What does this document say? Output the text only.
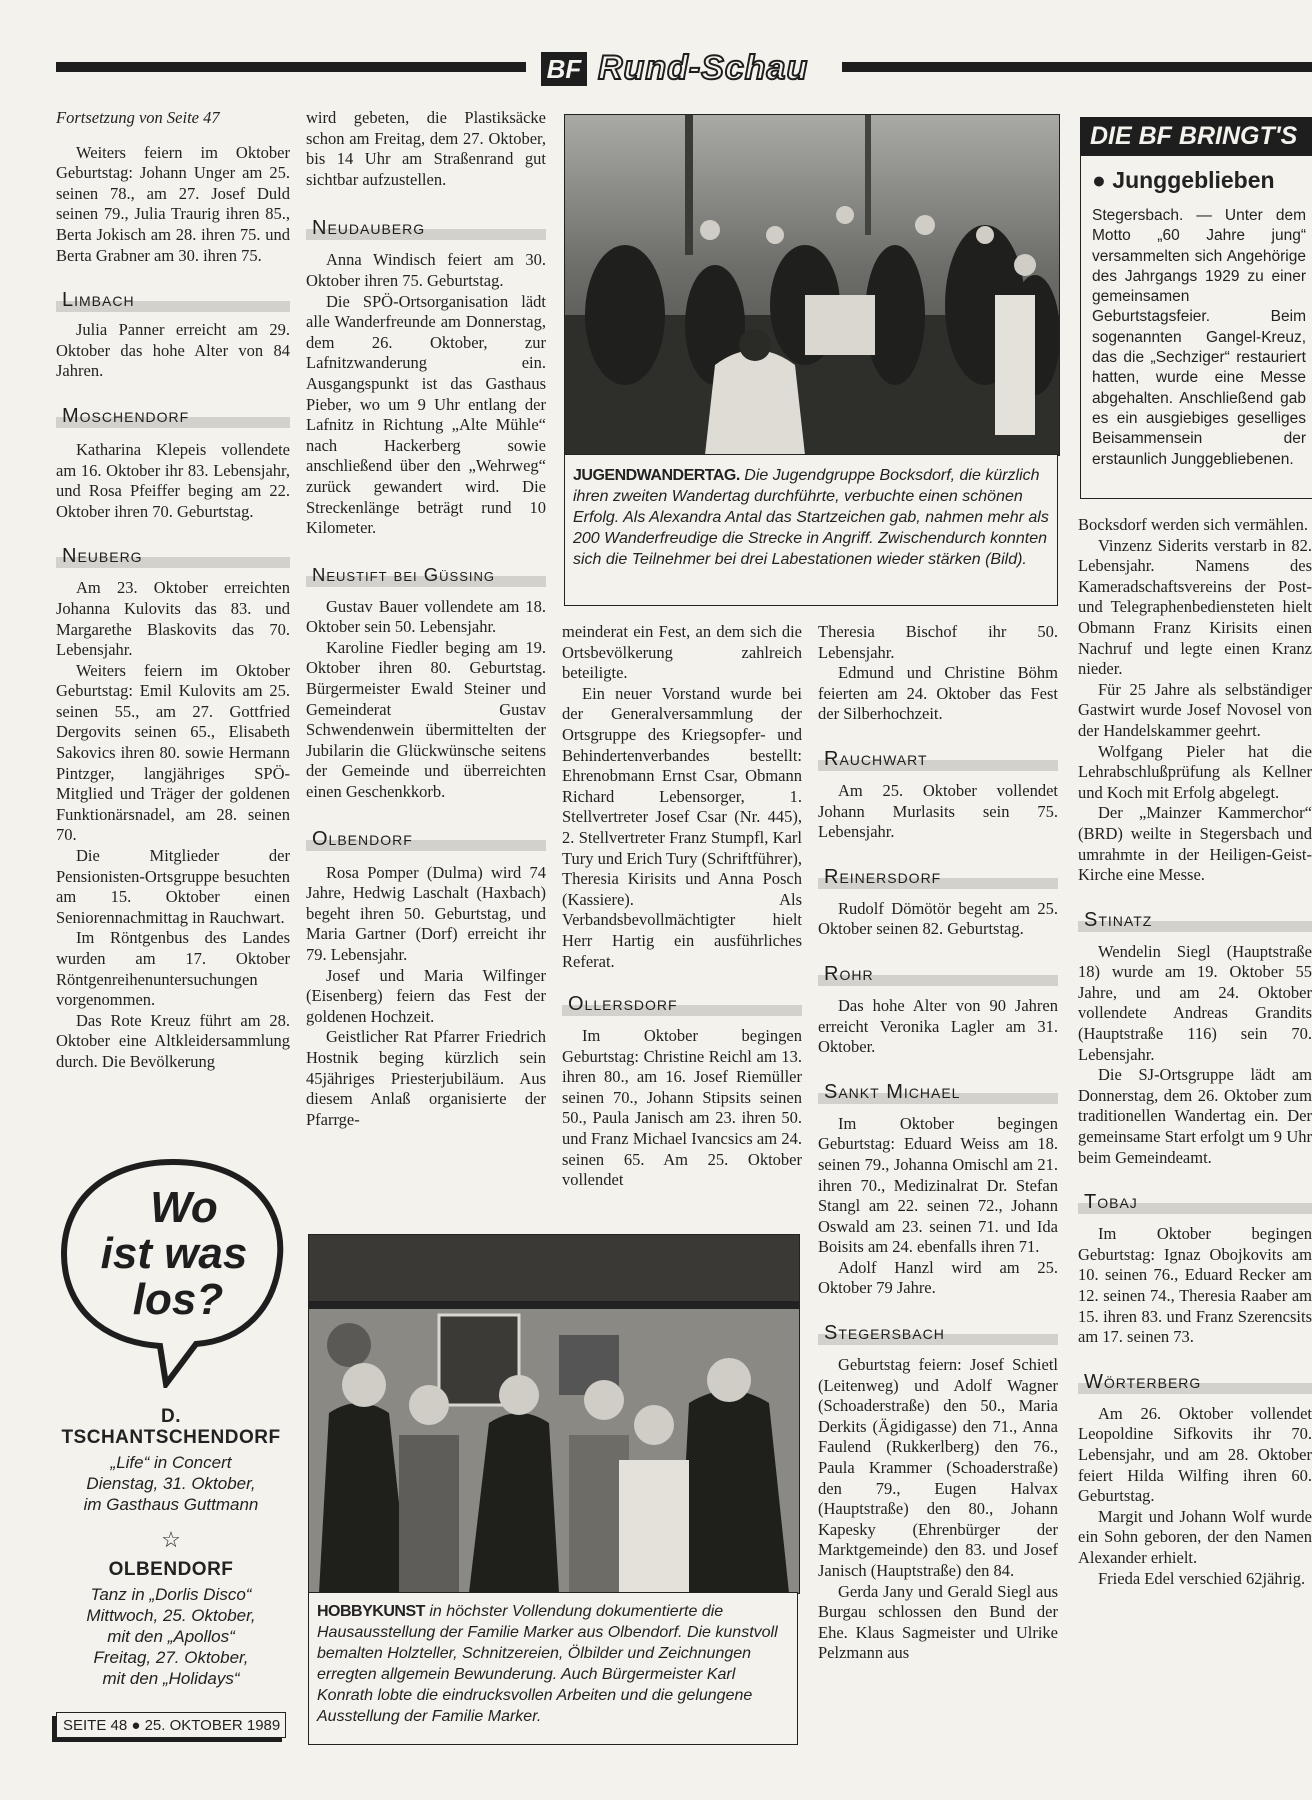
BF Rund-Schau

Fortsetzung von Seite 47

Weiters feiern im Oktober Geburtstag: Johann Unger am 25. seinen 78., am 27. Josef Duld seinen 79., Julia Traurig ihren 85., Berta Jokisch am 28. ihren 75. und Berta Grabner am 30. ihren 75.

Limbach

Julia Panner erreicht am 29. Oktober das hohe Alter von 84 Jahren.

Moschendorf

Katharina Klepeis vollendete am 16. Oktober ihr 83. Lebensjahr, und Rosa Pfeiffer beging am 22. Oktober ihren 70. Geburtstag.

Neuberg

Am 23. Oktober erreichten Johanna Kulovits das 83. und Margarethe Blaskovits das 70. Lebensjahr.

Weiters feiern im Oktober Geburtstag: Emil Kulovits am 25. seinen 55., am 27. Gottfried Dergovits seinen 65., Elisabeth Sakovics ihren 80. sowie Hermann Pintzger, langjähriges SPÖ-Mitglied und Träger der goldenen Funktionärsnadel, am 28. seinen 70.

Die Mitglieder der Pensionisten-Ortsgruppe besuchten am 15. Oktober einen Seniorennachmittag in Rauchwart.

Im Röntgenbus des Landes wurden am 17. Oktober Röntgenreihenuntersuchungen vorgenommen.

Das Rote Kreuz führt am 28. Oktober eine Altkleidersammlung durch. Die Bevölkerung

wird gebeten, die Plastiksäcke schon am Freitag, dem 27. Oktober, bis 14 Uhr am Straßenrand gut sichtbar aufzustellen.

Neudauberg

Anna Windisch feiert am 30. Oktober ihren 75. Geburtstag.

Die SPÖ-Ortsorganisation lädt alle Wanderfreunde am Donnerstag, dem 26. Oktober, zur Lafnitzwanderung ein. Ausgangspunkt ist das Gasthaus Pieber, wo um 9 Uhr entlang der Lafnitz in Richtung „Alte Mühle“ nach Hackerberg sowie anschließend über den „Wehrweg“ zurück gewandert wird. Die Streckenlänge beträgt rund 10 Kilometer.

Neustift bei Güssing

Gustav Bauer vollendete am 18. Oktober sein 50. Lebensjahr.

Karoline Fiedler beging am 19. Oktober ihren 80. Geburtstag. Bürgermeister Ewald Steiner und Gemeinderat Gustav Schwendenwein übermittelten der Jubilarin die Glückwünsche seitens der Gemeinde und überreichten einen Geschenkkorb.

Olbendorf

Rosa Pomper (Dulma) wird 74 Jahre, Hedwig Laschalt (Haxbach) begeht ihren 50. Geburtstag, und Maria Gartner (Dorf) erreicht ihr 79. Lebensjahr.

Josef und Maria Wilfinger (Eisenberg) feiern das Fest der goldenen Hochzeit.

Geistlicher Rat Pfarrer Friedrich Hostnik beging kürzlich sein 45jähriges Priesterjubiläum. Aus diesem Anlaß organisierte der Pfarrge-

JUGENDWANDERTAG. Die Jugendgruppe Bocksdorf, die kürzlich ihren zweiten Wandertag durchführte, verbuchte einen schönen Erfolg. Als Alexandra Antal das Startzeichen gab, nahmen mehr als 200 Wanderfreudige die Strecke in Angriff. Zwischendurch konnten sich die Teilnehmer bei drei Labestationen wieder stärken (Bild).

meinderat ein Fest, an dem sich die Ortsbevölkerung zahlreich beteiligte.

Ein neuer Vorstand wurde bei der Generalversammlung der Ortsgruppe des Kriegsopfer- und Behindertenverbandes bestellt: Ehrenobmann Ernst Csar, Obmann Richard Lebensorger, 1. Stellvertreter Josef Csar (Nr. 445), 2. Stellvertreter Franz Stumpfl, Karl Tury und Erich Tury (Schriftführer), Theresia Kirisits und Anna Posch (Kassiere). Als Verbandsbevollmächtigter hielt Herr Hartig ein ausführliches Referat.

Ollersdorf

Im Oktober begingen Geburtstag: Christine Reichl am 13. ihren 80., am 16. Josef Riemüller seinen 70., Johann Stipsits seinen 50., Paula Janisch am 23. ihren 50. und Franz Michael Ivancsics am 24. seinen 65. Am 25. Oktober vollendet

Theresia Bischof ihr 50. Lebensjahr.

Edmund und Christine Böhm feierten am 24. Oktober das Fest der Silberhochzeit.

Rauchwart

Am 25. Oktober vollendet Johann Murlasits sein 75. Lebensjahr.

Reinersdorf

Rudolf Dömötör begeht am 25. Oktober seinen 82. Geburtstag.

Rohr

Das hohe Alter von 90 Jahren erreicht Veronika Lagler am 31. Oktober.

Sankt Michael

Im Oktober begingen Geburtstag: Eduard Weiss am 18. seinen 79., Johanna Omischl am 21. ihren 70., Medizinalrat Dr. Stefan Stangl am 22. seinen 72., Johann Oswald am 23. seinen 71. und Ida Boisits am 24. ebenfalls ihren 71.

Adolf Hanzl wird am 25. Oktober 79 Jahre.

Stegersbach

Geburtstag feiern: Josef Schietl (Leitenweg) und Adolf Wagner (Schoaderstraße) den 50., Maria Derkits (Ägidigasse) den 71., Anna Faulend (Rukkerlberg) den 76., Paula Krammer (Schoaderstraße) den 79., Eugen Halvax (Hauptstraße) den 80., Johann Kapesky (Ehrenbürger der Marktgemeinde) den 83. und Josef Janisch (Hauptstraße) den 84.

Gerda Jany und Gerald Siegl aus Burgau schlossen den Bund der Ehe. Klaus Sagmeister und Ulrike Pelzmann aus

DIE BF BRINGT'S
● Junggeblieben
Stegersbach. — Unter dem Motto „60 Jahre jung“ versammelten sich Angehörige des Jahrgangs 1929 zu einer gemeinsamen Geburtstagsfeier. Beim sogenannten Gangel-Kreuz, das die „Sechziger“ restauriert hatten, wurde eine Messe abgehalten. Anschließend gab es ein ausgiebiges geselliges Beisammensein der erstaunlich Junggebliebenen.

Bocksdorf werden sich vermählen.

Vinzenz Siderits verstarb in 82. Lebensjahr. Namens des Kameradschaftsvereins der Post- und Telegraphenbediensteten hielt Obmann Franz Kirisits einen Nachruf und legte einen Kranz nieder.

Für 25 Jahre als selbständiger Gastwirt wurde Josef Novosel von der Handelskammer geehrt.

Wolfgang Pieler hat die Lehrabschlußprüfung als Kellner und Koch mit Erfolg abgelegt.

Der „Mainzer Kammerchor“ (BRD) weilte in Stegersbach und umrahmte in der Heiligen-Geist-Kirche eine Messe.

Stinatz

Wendelin Siegl (Hauptstraße 18) wurde am 19. Oktober 55 Jahre, und am 24. Oktober vollendete Andreas Grandits (Hauptstraße 116) sein 70. Lebensjahr.

Die SJ-Ortsgruppe lädt am Donnerstag, dem 26. Oktober zum traditionellen Wandertag ein. Der gemeinsame Start erfolgt um 9 Uhr beim Gemeindeamt.

Tobaj

Im Oktober begingen Geburtstag: Ignaz Obojkovits am 10. seinen 76., Eduard Recker am 12. seinen 74., Theresia Raaber am 15. ihren 83. und Franz Szerencsits am 17. seinen 73.

Wörterberg

Am 26. Oktober vollendet Leopoldine Sifkovits ihr 70. Lebensjahr, und am 28. Oktober feiert Hilda Wilfing ihren 60. Geburtstag.

Margit und Johann Wolf wurde ein Sohn geboren, der den Namen Alexander erhielt.

Frieda Edel verschied 62jährig.

HOBBYKUNST in höchster Vollendung dokumentierte die Hausausstellung der Familie Marker aus Olbendorf. Die kunstvoll bemalten Holzteller, Schnitzereien, Ölbilder und Zeichnungen erregten allgemein Bewunderung. Auch Bürgermeister Karl Konrath lobte die eindrucksvollen Arbeiten und die gelungene Ausstellung der Familie Marker.
Wo
ist was
los?
D. TSCHANTSCHENDORF
„Life“ in Concert
Dienstag, 31. Oktober,
im Gasthaus Guttmann
☆
OLBENDORF
Tanz in „Dorlis Disco“
Mittwoch, 25. Oktober,
mit den „Apollos“
Freitag, 27. Oktober,
mit den „Holidays“
SEITE 48 ● 25. OKTOBER 1989
